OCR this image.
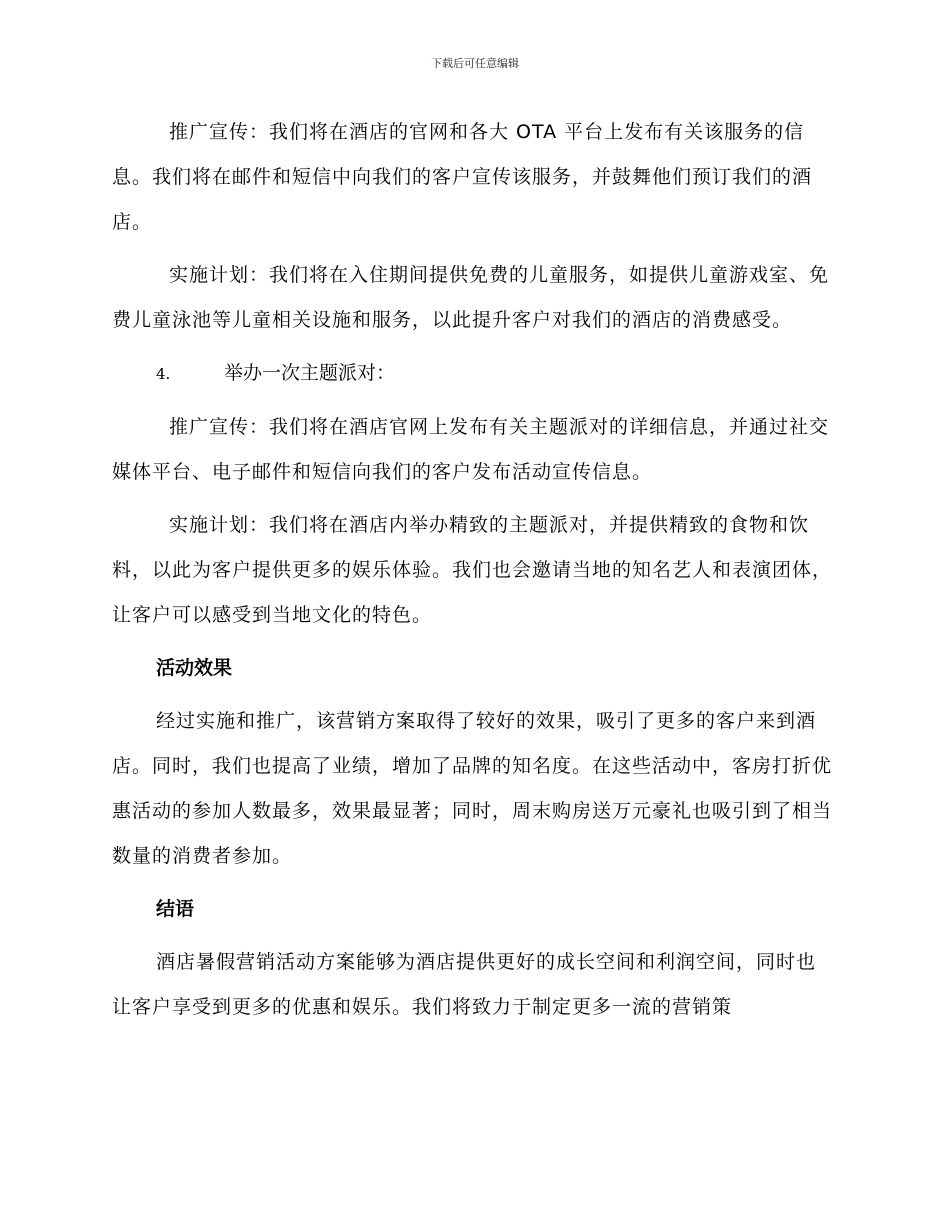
下载后可任意编辑

推广宣传：我们将在酒店的官网和各大 OTA 平台上发布有关该服务的信息。我们将在邮件和短信中向我们的客户宣传该服务，并鼓舞他们预订我们的酒店。

实施计划：我们将在入住期间提供免费的儿童服务，如提供儿童游戏室、免费儿童泳池等儿童相关设施和服务，以此提升客户对我们的酒店的消费感受。

4.	举办一次主题派对：

推广宣传：我们将在酒店官网上发布有关主题派对的详细信息，并通过社交媒体平台、电子邮件和短信向我们的客户发布活动宣传信息。

实施计划：我们将在酒店内举办精致的主题派对，并提供精致的食物和饮料，以此为客户提供更多的娱乐体验。我们也会邀请当地的知名艺人和表演团体，让客户可以感受到当地文化的特色。

活动效果

经过实施和推广，该营销方案取得了较好的效果，吸引了更多的客户来到酒店。同时，我们也提高了业绩，增加了品牌的知名度。在这些活动中，客房打折优惠活动的参加人数最多，效果最显著；同时，周末购房送万元豪礼也吸引到了相当数量的消费者参加。

结语

酒店暑假营销活动方案能够为酒店提供更好的成长空间和利润空间，同时也让客户享受到更多的优惠和娱乐。我们将致力于制定更多一流的营销策
